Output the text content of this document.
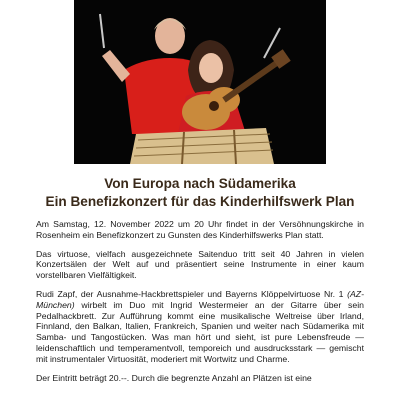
Von Europa nach Südamerika

Ein Benefizkonzert für das Kinderhilfswerk Plan

Am Samstag, 12. November 2022 um 20 Uhr findet in der Versöhnungskirche in Rosenheim ein Benefizkonzert zu Gunsten des Kinderhilfswerks Plan statt.

Das virtuose, vielfach ausgezeichnete Saitenduo tritt seit 40 Jahren in vielen Konzertsälen der Welt auf und präsentiert seine Instrumente in einer kaum vorstellbaren Vielfältigkeit.

Rudi Zapf, der Ausnahme-Hackbrettspieler und Bayerns Klöppelvirtuose Nr. 1 (AZ-München) wirbelt im Duo mit Ingrid Westermeier an der Gitarre über sein Pedalhackbrett. Zur Aufführung kommt eine musikalische Weltreise über Irland, Finnland, den Balkan, Italien, Frankreich, Spanien und weiter nach Südamerika mit Samba- und Tangostücken. Was man hört und sieht, ist pure Lebensfreude — leidenschaftlich und temperamentvoll, temporeich und ausdrucksstark — gemischt mit instrumentaler Virtuosität, moderiert mit Wortwitz und Charme.

Der Eintritt beträgt 20.--. Durch die begrenzte Anzahl an Plätzen ist eine
